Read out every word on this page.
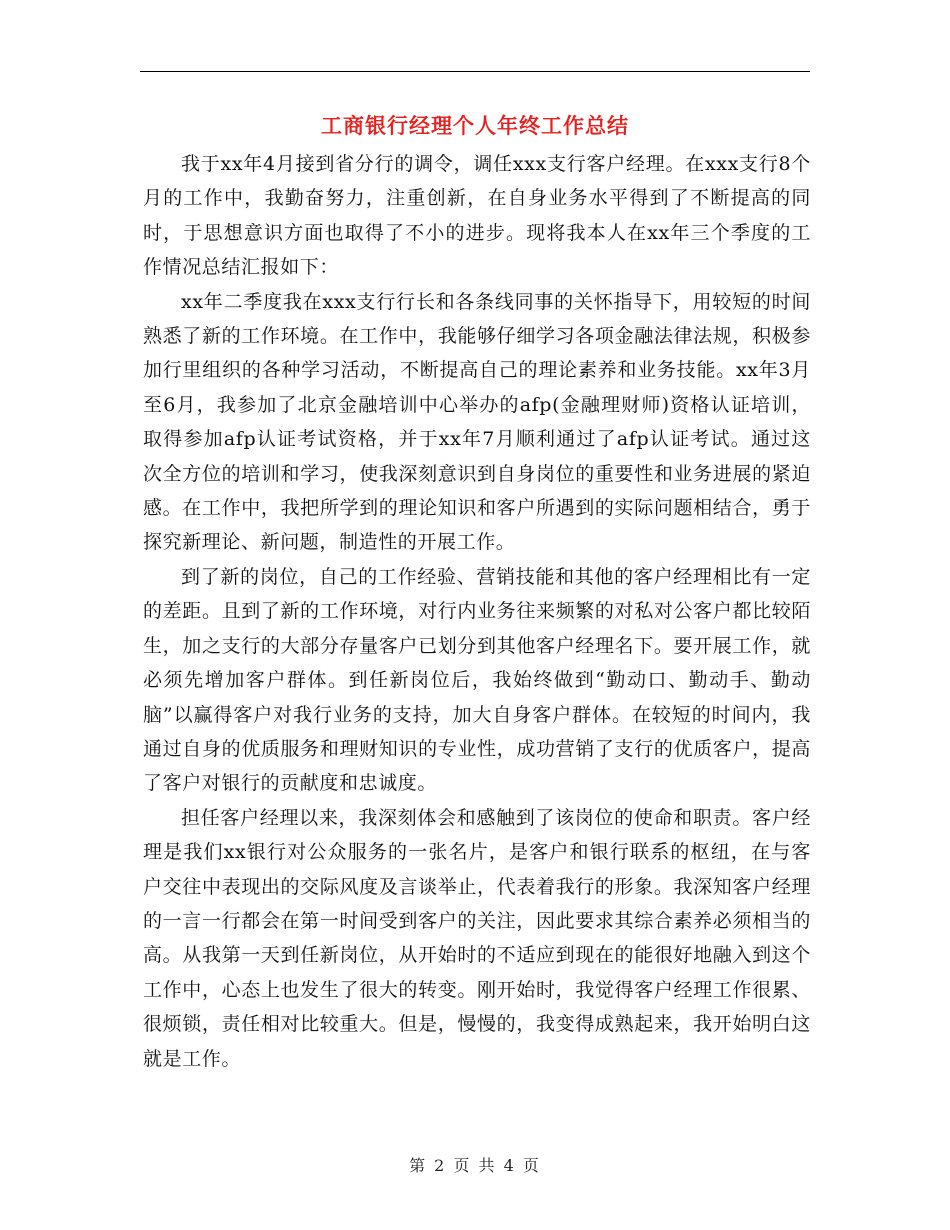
工商银行经理个人年终工作总结

我于xx年4月接到省分行的调令，调任xxx支行客户经理。在xxx支行8个月的工作中，我勤奋努力，注重创新，在自身业务水平得到了不断提高的同时，于思想意识方面也取得了不小的进步。现将我本人在xx年三个季度的工作情况总结汇报如下：

xx年二季度我在xxx支行行长和各条线同事的关怀指导下，用较短的时间熟悉了新的工作环境。在工作中，我能够仔细学习各项金融法律法规，积极参加行里组织的各种学习活动，不断提高自己的理论素养和业务技能。xx年3月至6月，我参加了北京金融培训中心举办的afp(金融理财师)资格认证培训，取得参加afp认证考试资格，并于xx年7月顺利通过了afp认证考试。通过这次全方位的培训和学习，使我深刻意识到自身岗位的重要性和业务进展的紧迫感。在工作中，我把所学到的理论知识和客户所遇到的实际问题相结合，勇于探究新理论、新问题，制造性的开展工作。

到了新的岗位，自己的工作经验、营销技能和其他的客户经理相比有一定的差距。且到了新的工作环境，对行内业务往来频繁的对私对公客户都比较陌生，加之支行的大部分存量客户已划分到其他客户经理名下。要开展工作，就必须先增加客户群体。到任新岗位后，我始终做到“勤动口、勤动手、勤动脑”以赢得客户对我行业务的支持，加大自身客户群体。在较短的时间内，我通过自身的优质服务和理财知识的专业性，成功营销了支行的优质客户，提高了客户对银行的贡献度和忠诚度。

担任客户经理以来，我深刻体会和感触到了该岗位的使命和职责。客户经理是我们xx银行对公众服务的一张名片，是客户和银行联系的枢纽，在与客户交往中表现出的交际风度及言谈举止，代表着我行的形象。我深知客户经理的一言一行都会在第一时间受到客户的关注，因此要求其综合素养必须相当的高。从我第一天到任新岗位，从开始时的不适应到现在的能很好地融入到这个工作中，心态上也发生了很大的转变。刚开始时，我觉得客户经理工作很累、很烦锁，责任相对比较重大。但是，慢慢的，我变得成熟起来，我开始明白这就是工作。

第 2 页 共 4 页
